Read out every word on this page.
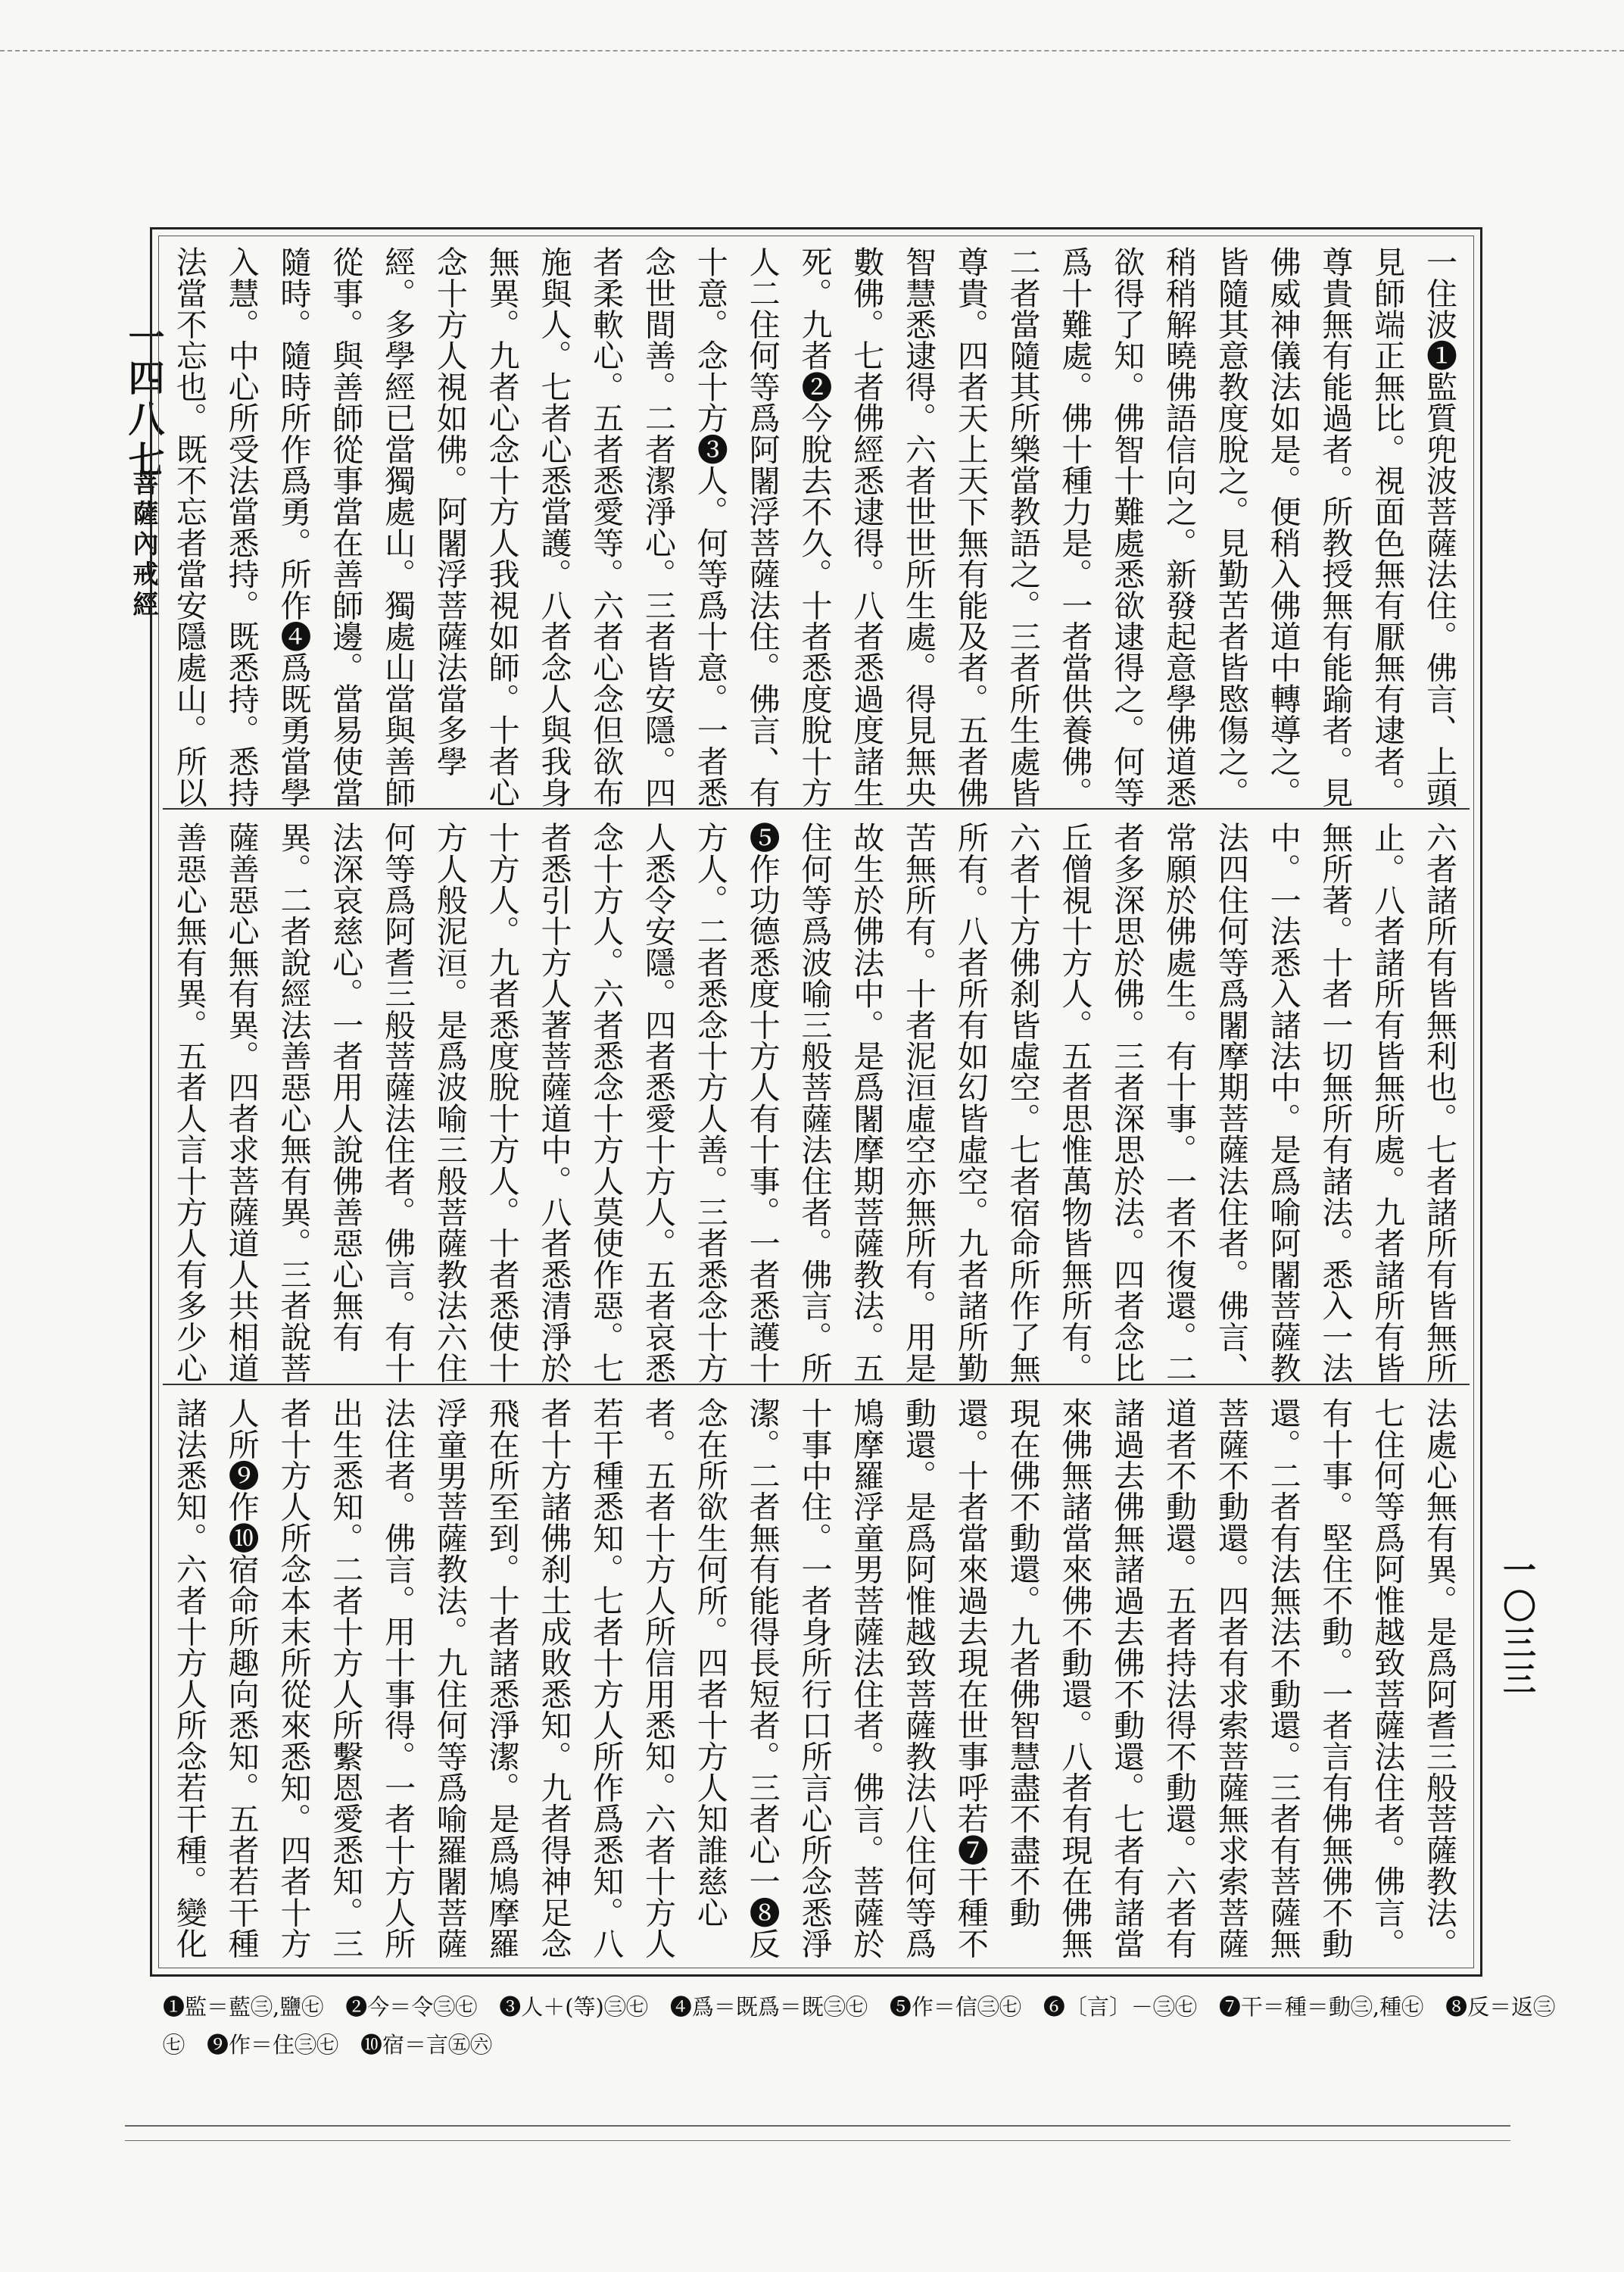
一四八七
菩薩內戒經
一〇三三

一住波❶監質兜波菩薩法住。佛言、上頭見師端正無比。視面色無有厭無有逮者。尊貴無有能過者。所教授無有能踰者。見佛威神儀法如是。便稍入佛道中轉導之。皆隨其意教度脫之。見勤苦者皆愍傷之。稍稍解曉佛語信向之。新發起意學佛道悉欲得了知。佛智十難處悉欲逮得之。何等爲十難處。佛十種力是。一者當供養佛。二者當隨其所樂當教語之。三者所生處皆尊貴。四者天上天下無有能及者。五者佛智慧悉逮得。六者世世所生處。得見無央數佛。七者佛經悉逮得。八者悉過度諸生死。九者❷今脫去不久。十者悉度脫十方人二住何等爲阿闍浮菩薩法住。佛言、有十意。念十方❸人。何等爲十意。一者悉念世間善。二者潔淨心。三者皆安隱。四者柔軟心。五者悉愛等。六者心念但欲布施與人。七者心悉當護。八者念人與我身無異。九者心念十方人我視如師。十者心念十方人視如佛。阿闍浮菩薩法當多學經。多學經已當獨處山。獨處山當與善師從事。與善師從事當在善師邊。當易使當隨時。隨時所作爲勇。所作❹爲既勇當學入慧。中心所受法當悉持。既悉持。悉持法當不忘也。既不忘者當安隱處山。所以

六者諸所有皆無利也。七者諸所有皆無所止。八者諸所有皆無所處。九者諸所有皆無所著。十者一切無所有諸法。悉入一法中。一法悉入諸法中。是爲喻阿闍菩薩教法四住何等爲闍摩期菩薩法住者。佛言、常願於佛處生。有十事。一者不復還。二者多深思於佛。三者深思於法。四者念比丘僧視十方人。五者思惟萬物皆無所有。六者十方佛刹皆虛空。七者宿命所作了無所有。八者所有如幻皆虛空。九者諸所勤苦無所有。十者泥洹虛空亦無所有。用是故生於佛法中。是爲闍摩期菩薩教法。五住何等爲波喻三般菩薩法住者。佛言。所❺作功德悉度十方人有十事。一者悉護十方人。二者悉念十方人善。三者悉念十方人悉令安隱。四者悉愛十方人。五者哀悉念十方人。六者悉念十方人莫使作惡。七者悉引十方人著菩薩道中。八者悉清淨於十方人。九者悉度脫十方人。十者悉使十方人般泥洹。是爲波喻三般菩薩教法六住何等爲阿耆三般菩薩法住者。佛言。有十法深哀慈心。一者用人說佛善惡心無有異。二者說經法善惡心無有異。三者說菩薩善惡心無有異。四者求菩薩道人共相道善惡心無有異。五者人言十方人有多少心

法處心無有異。是爲阿耆三般菩薩教法。七住何等爲阿惟越致菩薩法住者。佛言。有十事。堅住不動。一者言有佛無佛不動還。二者有法無法不動還。三者有菩薩無菩薩不動還。四者有求索菩薩無求索菩薩道者不動還。五者持法得不動還。六者有諸過去佛無諸過去佛不動還。七者有諸當來佛無諸當來佛不動還。八者有現在佛無現在佛不動還。九者佛智慧盡不盡不動還。十者當來過去現在世事呼若❼干種不動還。是爲阿惟越致菩薩教法八住何等爲鳩摩羅浮童男菩薩法住者。佛言。菩薩於十事中住。一者身所行口所言心所念悉淨潔。二者無有能得長短者。三者心一❽反念在所欲生何所。四者十方人知誰慈心者。五者十方人所信用悉知。六者十方人若干種悉知。七者十方人所作爲悉知。八者十方諸佛刹土成敗悉知。九者得神足念飛在所至到。十者諸悉淨潔。是爲鳩摩羅浮童男菩薩教法。九住何等爲喻羅闍菩薩法住者。佛言。用十事得。一者十方人所出生悉知。二者十方人所繫恩愛悉知。三者十方人所念本末所從來悉知。四者十方人所❾作❿宿命所趣向悉知。五者若干種諸法悉知。六者十方人所念若干種。變化

❶監＝藍㊂,鹽㊆　❷今＝令㊂㊆　❸人＋(等)㊂㊆　❹爲＝既爲＝既㊂㊆　❺作＝信㊂㊆　❻〔言〕－㊂㊆　❼干＝種＝動㊂,種㊆　❽反＝返㊂

㊆　❾作＝住㊂㊆　❿宿＝言㊄㊅
